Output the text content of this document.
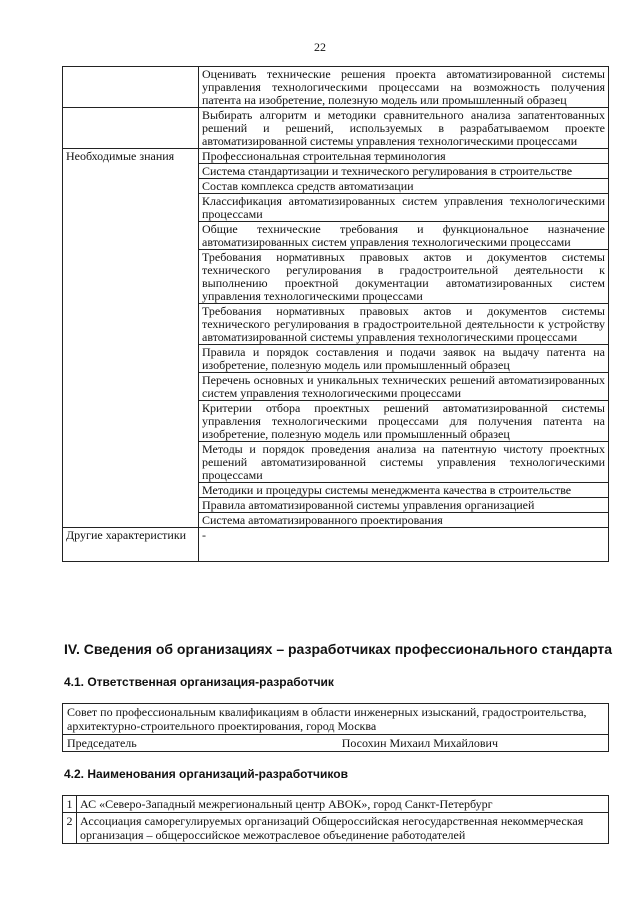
22
	Оценивать технические решения проекта автоматизированной системы управления технологическими процессами на возможность получения патента на изобретение, полезную модель или промышленный образец
	Выбирать алгоритм и методики сравнительного анализа запатентованных решений и решений, используемых в разрабатываемом проекте автоматизированной системы управления технологическими процессами
Необходимые знания	Профессиональная строительная терминология
	Система стандартизации и технического регулирования в строительстве
	Состав комплекса средств автоматизации
	Классификация автоматизированных систем управления технологическими процессами
	Общие технические требования и функциональное назначение автоматизированных систем управления технологическими процессами
	Требования нормативных правовых актов и документов системы технического регулирования в градостроительной деятельности к выполнению проектной документации автоматизированных систем управления технологическими процессами
	Требования нормативных правовых актов и документов системы технического регулирования в градостроительной деятельности к устройству автоматизированной системы управления технологическими процессами
	Правила и порядок составления и подачи заявок на выдачу патента на изобретение, полезную модель или промышленный образец
	Перечень основных и уникальных технических решений автоматизированных систем управления технологическими процессами
	Критерии отбора проектных решений автоматизированной системы управления технологическими процессами для получения патента на изобретение, полезную модель или промышленный образец
	Методы и порядок проведения анализа на патентную чистоту проектных решений автоматизированной системы управления технологическими процессами
	Методики и процедуры системы менеджмента качества в строительстве
	Правила автоматизированной системы управления организацией
	Система автоматизированного проектирования
Другие характеристики	-
IV. Сведения об организациях – разработчиках профессионального стандарта
4.1. Ответственная организация-разработчик
Совет по профессиональным квалификациям в области инженерных изысканий, градостроительства, архитектурно-строительного проектирования, город Москва

Председатель	Посохин Михаил Михайлович
4.2. Наименования организаций-разработчиков
1	АС «Северо-Западный межрегиональный центр АВОК», город Санкт-Петербург
2	Ассоциация саморегулируемых организаций Общероссийская негосударственная некоммерческая организация – общероссийское межотраслевое объединение работодателей
